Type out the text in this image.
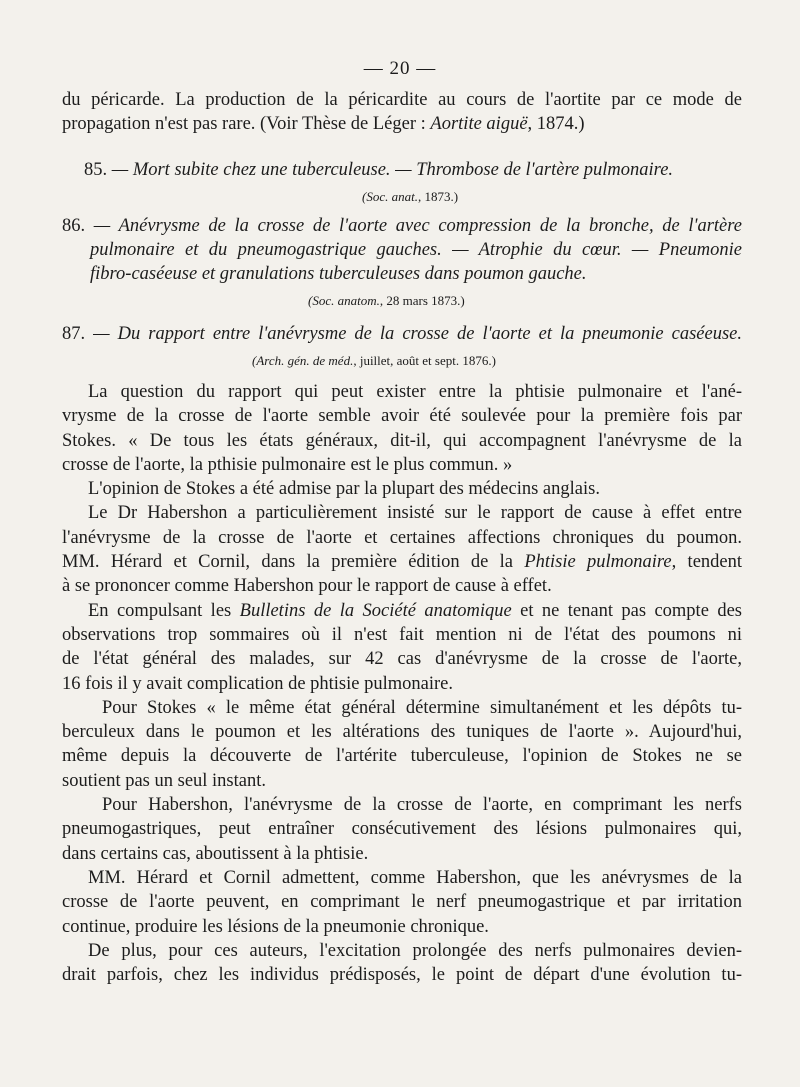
— 20 —
du péricarde. La production de la péricardite au cours de l'aortite par ce mode de
propagation n'est pas rare. (Voir Thèse de Léger : Aortite aiguë, 1874.)
85. — Mort subite chez une tuberculeuse. — Thrombose de l'artère pulmonaire.
(Soc. anat., 1873.)
86. — Anévrysme de la crosse de l'aorte avec compression de la bronche, de l'artère
pulmonaire et du pneumogastrique gauches. — Atrophie du cœur. — Pneumonie
fibro-caséeuse et granulations tuberculeuses dans poumon gauche.
(Soc. anatom., 28 mars 1873.)
87. — Du rapport entre l'anévrysme de la crosse de l'aorte et la pneumonie caséeuse.
(Arch. gén. de méd., juillet, août et sept. 1876.)
La question du rapport qui peut exister entre la phtisie pulmonaire et l'ané-
vrysme de la crosse de l'aorte semble avoir été soulevée pour la première fois par
Stokes. « De tous les états généraux, dit-il, qui accompagnent l'anévrysme de la
crosse de l'aorte, la pthisie pulmonaire est le plus commun. »
L'opinion de Stokes a été admise par la plupart des médecins anglais.
Le Dr Habershon a particulièrement insisté sur le rapport de cause à effet entre
l'anévrysme de la crosse de l'aorte et certaines affections chroniques du poumon.
MM. Hérard et Cornil, dans la première édition de la Phtisie pulmonaire, tendent
à se prononcer comme Habershon pour le rapport de cause à effet.
En compulsant les Bulletins de la Société anatomique et ne tenant pas compte des
observations trop sommaires où il n'est fait mention ni de l'état des poumons ni
de l'état général des malades, sur 42 cas d'anévrysme de la crosse de l'aorte,
16 fois il y avait complication de phtisie pulmonaire.
Pour Stokes « le même état général détermine simultanément et les dépôts tu-
berculeux dans le poumon et les altérations des tuniques de l'aorte ». Aujourd'hui,
même depuis la découverte de l'artérite tuberculeuse, l'opinion de Stokes ne se
soutient pas un seul instant.
Pour Habershon, l'anévrysme de la crosse de l'aorte, en comprimant les nerfs
pneumogastriques, peut entraîner consécutivement des lésions pulmonaires qui,
dans certains cas, aboutissent à la phtisie.
MM. Hérard et Cornil admettent, comme Habershon, que les anévrysmes de la
crosse de l'aorte peuvent, en comprimant le nerf pneumogastrique et par irritation
continue, produire les lésions de la pneumonie chronique.
De plus, pour ces auteurs, l'excitation prolongée des nerfs pulmonaires devien-
drait parfois, chez les individus prédisposés, le point de départ d'une évolution tu-
